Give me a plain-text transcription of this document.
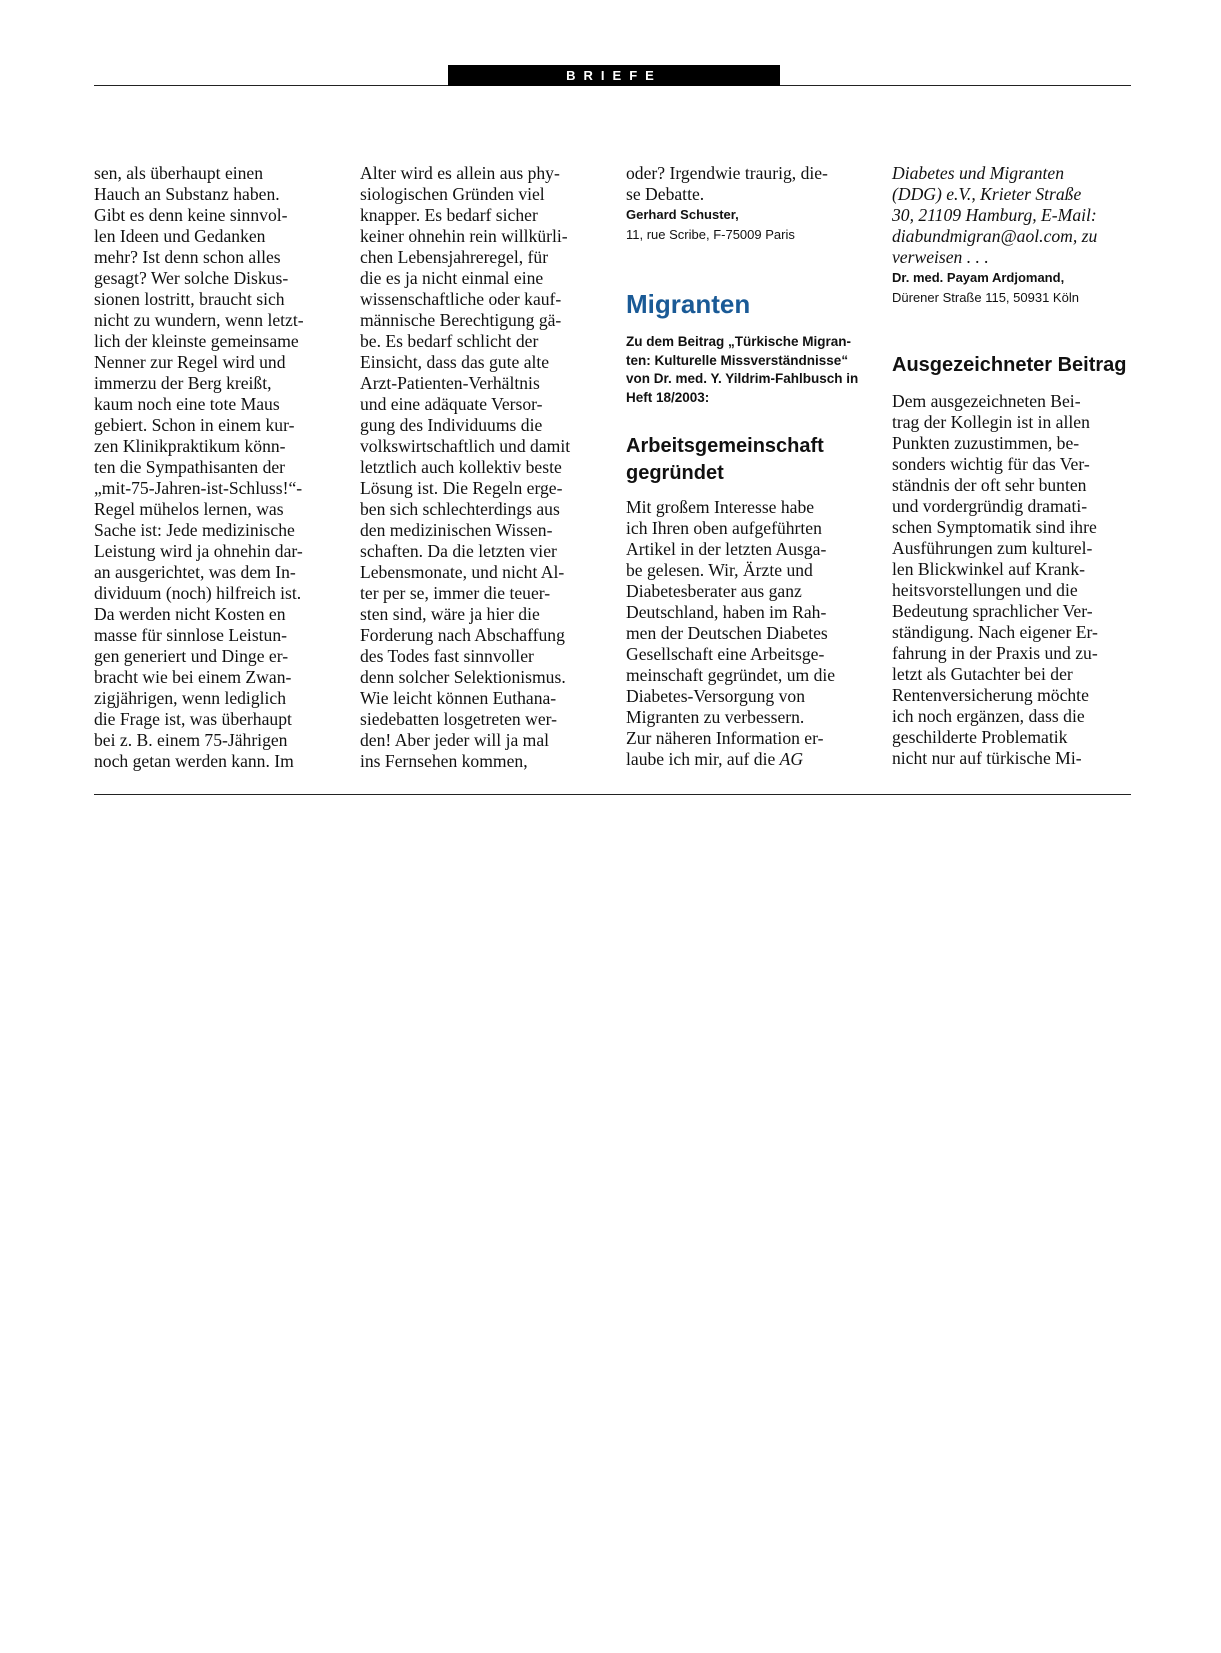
BRIEFE

sen, als überhaupt einen
Hauch an Substanz haben.
Gibt es denn keine sinnvol-
len Ideen und Gedanken
mehr? Ist denn schon alles
gesagt? Wer solche Diskus-
sionen lostritt, braucht sich
nicht zu wundern, wenn letzt-
lich der kleinste gemeinsame
Nenner zur Regel wird und
immerzu der Berg kreißt,
kaum noch eine tote Maus
gebiert. Schon in einem kur-
zen Klinikpraktikum könn-
ten die Sympathisanten der
„mit-75-Jahren-ist-Schluss!“-
Regel mühelos lernen, was
Sache ist: Jede medizinische
Leistung wird ja ohnehin dar-
an ausgerichtet, was dem In-
dividuum (noch) hilfreich ist.
Da werden nicht Kosten en
masse für sinnlose Leistun-
gen generiert und Dinge er-
bracht wie bei einem Zwan-
zigjährigen, wenn lediglich
die Frage ist, was überhaupt
bei z. B. einem 75-Jährigen
noch getan werden kann. Im

Alter wird es allein aus phy-
siologischen Gründen viel
knapper. Es bedarf sicher
keiner ohnehin rein willkürli-
chen Lebensjahreregel, für
die es ja nicht einmal eine
wissenschaftliche oder kauf-
männische Berechtigung gä-
be. Es bedarf schlicht der
Einsicht, dass das gute alte
Arzt-Patienten-Verhältnis
und eine adäquate Versor-
gung des Individuums die
volkswirtschaftlich und damit
letztlich auch kollektiv beste
Lösung ist. Die Regeln erge-
ben sich schlechterdings aus
den medizinischen Wissen-
schaften. Da die letzten vier
Lebensmonate, und nicht Al-
ter per se, immer die teuer-
sten sind, wäre ja hier die
Forderung nach Abschaffung
des Todes fast sinnvoller
denn solcher Selektionismus.
Wie leicht können Euthana-
siedebatten losgetreten wer-
den! Aber jeder will ja mal
ins Fernsehen kommen,

oder? Irgendwie traurig, die-
se Debatte.

Gerhard Schuster,

11, rue Scribe, F-75009 Paris

Migranten

Zu dem Beitrag „Türkische Migran-
ten: Kulturelle Missverständnisse“
von Dr. med. Y. Yildrim-Fahlbusch in
Heft 18/2003:

Arbeitsgemeinschaft
gegründet

Mit großem Interesse habe
ich Ihren oben aufgeführten
Artikel in der letzten Ausga-
be gelesen. Wir, Ärzte und
Diabetesberater aus ganz
Deutschland, haben im Rah-
men der Deutschen Diabetes
Gesellschaft eine Arbeitsge-
meinschaft gegründet, um die
Diabetes-Versorgung von
Migranten zu verbessern.
Zur näheren Information er-
laube ich mir, auf die AG

Diabetes und Migranten
(DDG) e.V., Krieter Straße
30, 21109 Hamburg, E-Mail:
diabundmigran@aol.com, zu
verweisen . . .

Dr. med. Payam Ardjomand,

Dürener Straße 115, 50931 Köln

Ausgezeichneter Beitrag

Dem ausgezeichneten Bei-
trag der Kollegin ist in allen
Punkten zuzustimmen, be-
sonders wichtig für das Ver-
ständnis der oft sehr bunten
und vordergründig dramati-
schen Symptomatik sind ihre
Ausführungen zum kulturel-
len Blickwinkel auf Krank-
heitsvorstellungen und die
Bedeutung sprachlicher Ver-
ständigung. Nach eigener Er-
fahrung in der Praxis und zu-
letzt als Gutachter bei der
Rentenversicherung möchte
ich noch ergänzen, dass die
geschilderte Problematik
nicht nur auf türkische Mi-
